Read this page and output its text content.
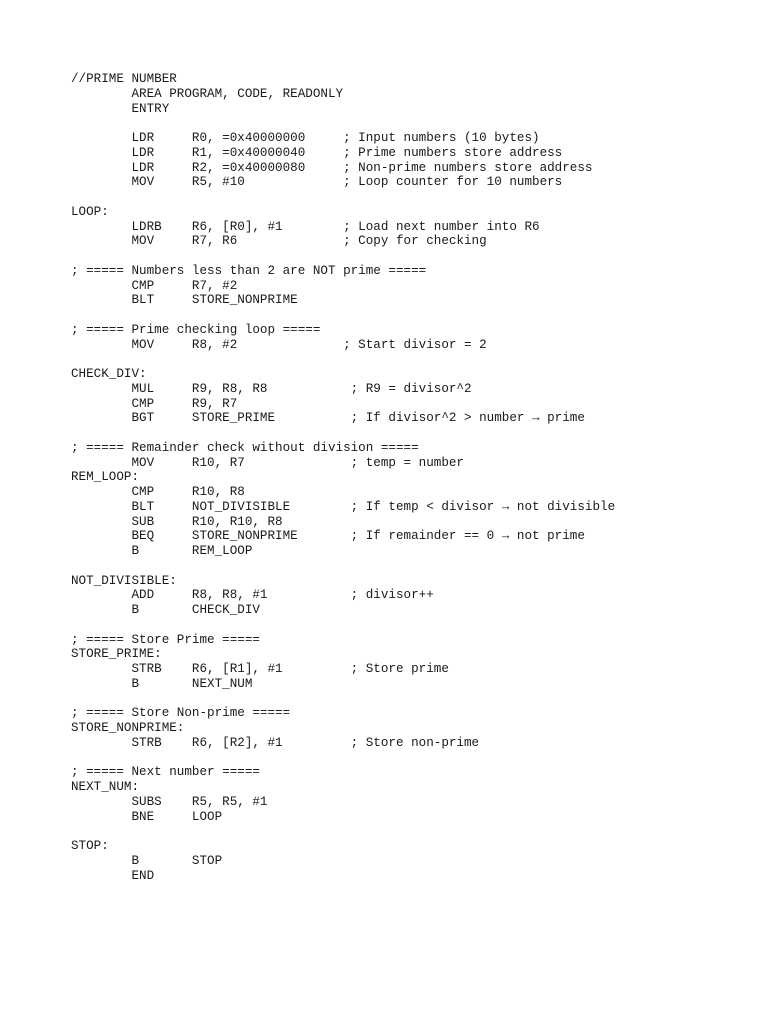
//PRIME NUMBER
AREA PROGRAM, CODE, READONLY
ENTRY
LDR     R0, =0x40000000     ; Input numbers (10 bytes)
LDR     R1, =0x40000040     ; Prime numbers store address
LDR     R2, =0x40000080     ; Non-prime numbers store address
MOV     R5, #10             ; Loop counter for 10 numbers
LOOP:
LDRB    R6, [R0], #1        ; Load next number into R6
MOV     R7, R6              ; Copy for checking
; ===== Numbers less than 2 are NOT prime =====
CMP     R7, #2
BLT     STORE_NONPRIME
; ===== Prime checking loop =====
MOV     R8, #2              ; Start divisor = 2
CHECK_DIV:
MUL     R9, R8, R8           ; R9 = divisor^2
CMP     R9, R7
BGT     STORE_PRIME          ; If divisor^2 > number → prime
; ===== Remainder check without division =====
MOV     R10, R7              ; temp = number
REM_LOOP:
CMP     R10, R8
BLT     NOT_DIVISIBLE        ; If temp < divisor → not divisible
SUB     R10, R10, R8
BEQ     STORE_NONPRIME       ; If remainder == 0 → not prime
B       REM_LOOP
NOT_DIVISIBLE:
ADD     R8, R8, #1           ; divisor++
B       CHECK_DIV
; ===== Store Prime =====
STORE_PRIME:
STRB    R6, [R1], #1         ; Store prime
B       NEXT_NUM
; ===== Store Non-prime =====
STORE_NONPRIME:
STRB    R6, [R2], #1         ; Store non-prime
; ===== Next number =====
NEXT_NUM:
SUBS    R5, R5, #1
BNE     LOOP
STOP:
B       STOP
END
